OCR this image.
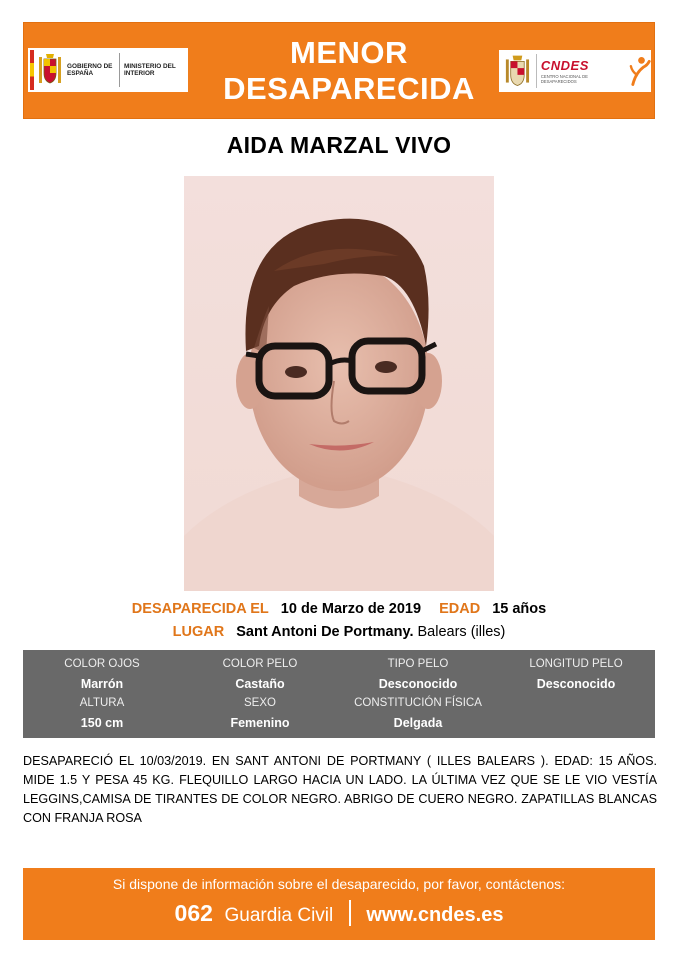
GOBIERNO DE ESPAÑA
MINISTERIO DEL INTERIOR
MENOR
DESAPARECIDA
CNDES
CENTRO NACIONAL DE DESAPARECIDOS
AIDA MARZAL VIVO
DESAPARECIDA EL 10 de Marzo de 2019 EDAD 15 años
LUGAR Sant Antoni De Portmany. Balears (illes)
COLOR OJOS
Marrón
COLOR PELO
Castaño
TIPO PELO
Desconocido
LONGITUD PELO
Desconocido
ALTURA
150 cm
SEXO
Femenino
CONSTITUCIÓN FÍSICA
Delgada
DESAPARECIÓ EL 10/03/2019. EN SANT ANTONI DE PORTMANY ( ILLES BALEARS ). EDAD: 15 AÑOS. MIDE 1.5 Y PESA 45 KG. FLEQUILLO LARGO HACIA UN LADO. LA ÚLTIMA VEZ QUE SE LE VIO VESTÍA LEGGINS,CAMISA DE TIRANTES DE COLOR NEGRO. ABRIGO DE CUERO NEGRO. ZAPATILLAS BLANCAS CON FRANJA ROSA
Si dispone de información sobre el desaparecido, por favor, contáctenos:
062 Guardia Civil www.cndes.es
